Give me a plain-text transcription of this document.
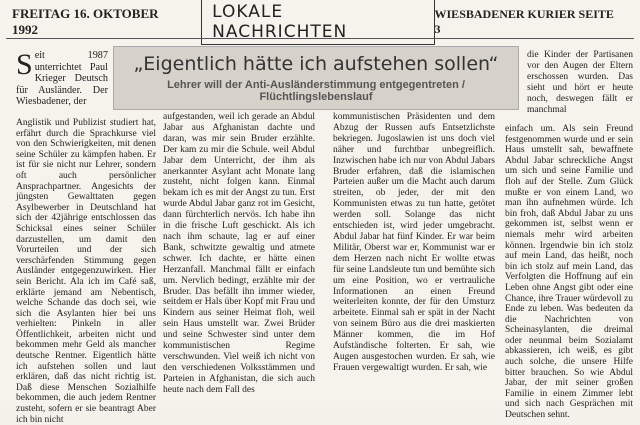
FREITAG 16. OKTOBER 1992
LOKALE NACHRICHTEN
WIESBADENER KURIER SEITE 3
„Eigentlich hätte ich aufstehen sollen“
Lehrer will der Anti-Ausländerstimmung entgegentreten / Flüchtlingslebenslauf
Seit 1987 unterrichtet Paul Krieger Deutsch für Ausländer. Der Wiesbadener, der
Anglistik und Publizist studiert hat, erfährt durch die Sprachkurse viel von den Schwierigkeiten, mit denen seine Schüler zu kämpfen haben. Er ist für sie nicht nur Lehrer, sondern oft auch persönlicher Ansprachpartner. Angesichts der jüngsten Gewalttaten gegen Asylbewerber in Deutschland hat sich der 42jährige entschlossen das Schicksal eines seiner Schüler darzustellen, um damit den Vorurteilen und der sich verschärfenden Stimmung gegen Ausländer entgegenzuwirken. Hier sein Bericht. Ala ich im Café saß, erklärte jemand am Nebentisch, welche Schande das doch sei, wie sich die Asylanten hier bei uns verhielten: Pinkeln in aller Öffentlichkeit, arbeiten nicht und bekommen mehr Geld als mancher deutsche Rentner. Eigentlich hätte ich aufstehen sollen und laut erklären, daß das nicht richtig ist. Daß diese Menschen Sozialhilfe bekommen, die auch jedem Rentner zusteht, sofern er sie beantragt Aber ich bin nicht
aufgestanden, weil ich gerade an Abdul Jabar aus Afghanistan dachte und daran, was mir sein Bruder erzählte. Der kam zu mir die Schule. weil Abdul Jabar dem Unterricht, der ihm als anerkannter Asylant acht Monate lang zusteht, nicht folgen kann. Einmal bekam ich es mit der Angst zu tun. Erst wurde Abdul Jabar ganz rot im Gesicht, dann fürchterlich nervös. Ich habe ihn in die frische Luft geschickt. Als ich nach ihm schaute, lag er auf einer Bank, schwitzte gewaltig und atmete schwer. Ich dachte, er hätte einen Herzanfall. Manchmal fällt er einfach um. Nervlich bedingt, erzählte mir der Bruder. Das befällt ihn immer wieder, seitdem er Hals über Kopf mit Frau und Kindern aus seiner Heimat floh, weil sein Haus umstellt war. Zwei Brüder und seine Schwester sind unter dem kommunistischen Regime verschwunden. Viel weiß ich nicht von den verschiedenen Volksstämmen und Parteien in Afghanistan, die sich auch heute nach dem Fall des
kommunistischen Präsidenten und dem Abzug der Russen aufs Entsetzlichste bekriegen. Jugoslawien ist uns doch viel näher und furchtbar unbegreiflich. Inzwischen habe ich nur von Abdul Jabars Bruder erfahren, daß die islamischen Parteien außer um die Macht auch darum streiten, ob jeder, der mit den Kommunisten etwas zu tun hatte, getötet werden soll. Solange das nicht entschieden ist, wird jeder umgebracht. Abdul Jabar hat fünf Kinder. Er war beim Militär, Oberst war er, Kommunist war er dem Herzen nach nicht Er wollte etwas für seine Landsleute tun und bemühte sich um eine Position, wo er vertrauliche Informationen an einen Freund weiterleiten konnte, der für den Umsturz arbeitete. Einmal sah er spät in der Nacht von seinem Büro aus die drei maskierten Männer kommen, die im Hof Aufständische folterten. Er sah, wie Augen ausgestochen wurden. Er sah, wie Frauen vergewaltigt wurden. Er sah, wie
die Kinder der Partisanen vor den Augen der Eltern erschossen wurden. Das sieht und hört er heute noch, deswegen fällt er manchmal
einfach um. Als sein Freund festgenommen wurde und er sein Haus umstellt sah, bewaffnete Abdul Jabar schreckliche Angst um sich und seine Familie und floh auf der Stelle. Zum Glück mußte er von einem Land, wo man ihn aufnehmen würde. Ich bin froh, daß Abdul Jabar zu uns gekommen ist, selbst wenn er niemals mehr wird arbeiten können. Irgendwie bin ich stolz auf mein Land, das heißt, noch bin ich stolz auf mein Land, das Verfolgten die Hoffnung auf ein Leben ohne Angst gibt oder eine Chance, ihre Trauer würdevoll zu Ende zu leben. Was bedeuten da die Nachrichten von Scheinasylanten, die dreimal oder neunmal beim Sozialamt abkassieren, ich weiß, es gibt auch solche, die unsere Hilfe bitter brauchen. So wie Abdul Jabar, der mit seiner großen Familie in einem Zimmer lebt und sich nach Gesprächen mit Deutschen sehnt.
